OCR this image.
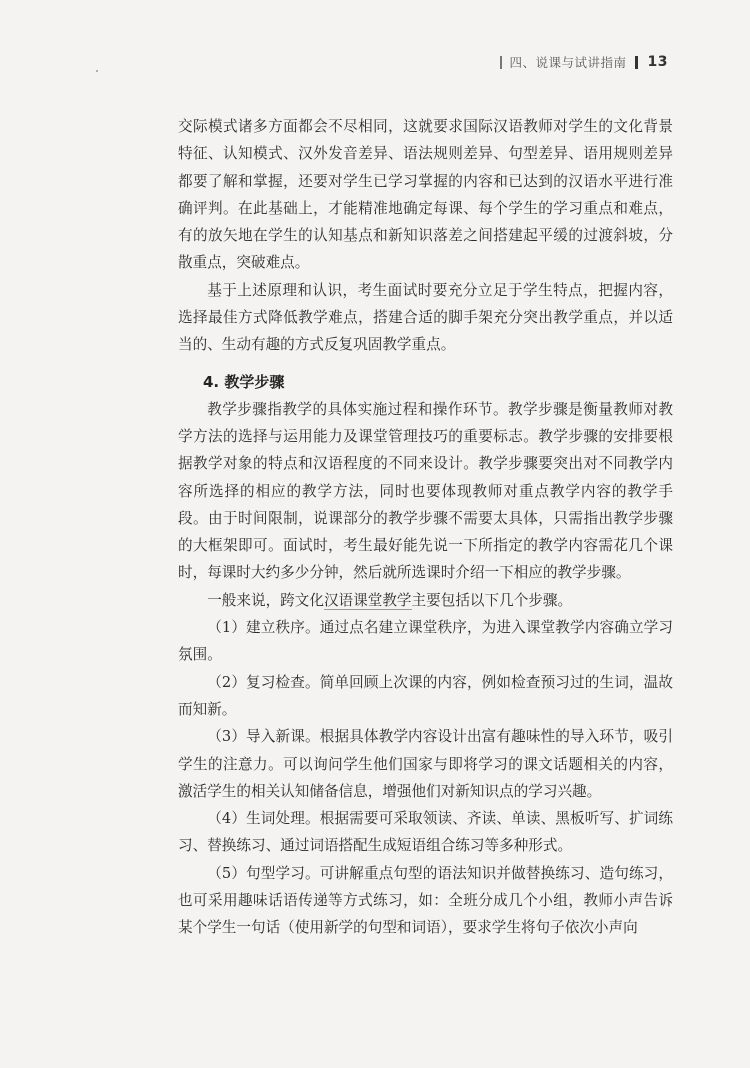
四、说课与试讲指南 13

交际模式诸多方面都会不尽相同，这就要求国际汉语教师对学生的文化背景特征、认知模式、汉外发音差异、语法规则差异、句型差异、语用规则差异都要了解和掌握，还要对学生已学习掌握的内容和已达到的汉语水平进行准确评判。在此基础上，才能精准地确定每课、每个学生的学习重点和难点，有的放矢地在学生的认知基点和新知识落差之间搭建起平缓的过渡斜坡，分散重点，突破难点。

基于上述原理和认识，考生面试时要充分立足于学生特点，把握内容，选择最佳方式降低教学难点，搭建合适的脚手架充分突出教学重点，并以适当的、生动有趣的方式反复巩固教学重点。

4. 教学步骤

教学步骤指教学的具体实施过程和操作环节。教学步骤是衡量教师对教学方法的选择与运用能力及课堂管理技巧的重要标志。教学步骤的安排要根据教学对象的特点和汉语程度的不同来设计。教学步骤要突出对不同教学内容所选择的相应的教学方法，同时也要体现教师对重点教学内容的教学手段。由于时间限制，说课部分的教学步骤不需要太具体，只需指出教学步骤的大框架即可。面试时，考生最好能先说一下所指定的教学内容需花几个课时，每课时大约多少分钟，然后就所选课时介绍一下相应的教学步骤。

一般来说，跨文化汉语课堂教学主要包括以下几个步骤。

（1）建立秩序。通过点名建立课堂秩序，为进入课堂教学内容确立学习氛围。

（2）复习检查。简单回顾上次课的内容，例如检查预习过的生词，温故而知新。

（3）导入新课。根据具体教学内容设计出富有趣味性的导入环节，吸引学生的注意力。可以询问学生他们国家与即将学习的课文话题相关的内容，激活学生的相关认知储备信息，增强他们对新知识点的学习兴趣。

（4）生词处理。根据需要可采取领读、齐读、单读、黑板听写、扩词练习、替换练习、通过词语搭配生成短语组合练习等多种形式。

（5）句型学习。可讲解重点句型的语法知识并做替换练习、造句练习，也可采用趣味话语传递等方式练习，如：全班分成几个小组，教师小声告诉某个学生一句话（使用新学的句型和词语），要求学生将句子依次小声向
